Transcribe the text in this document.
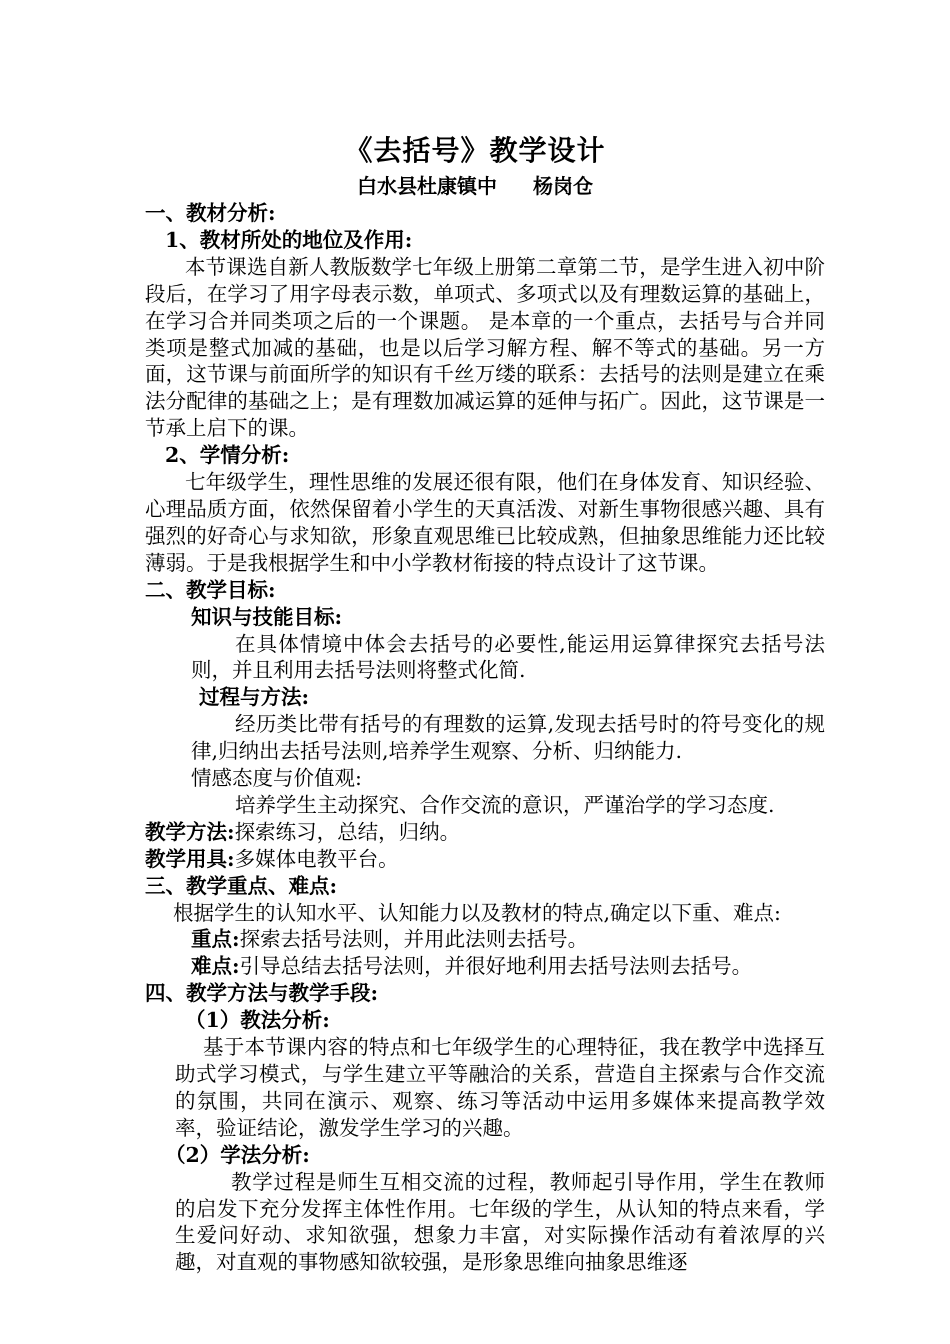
《去括号》教学设计
白水县杜康镇中 杨岗仓

一、教材分析:

1、教材所处的地位及作用:

本节课选自新人教版数学七年级上册第二章第二节，是学生进入初中阶段后，在学习了用字母表示数，单项式、多项式以及有理数运算的基础上，在学习合并同类项之后的一个课题。 是本章的一个重点，去括号与合并同类项是整式加减的基础，也是以后学习解方程、解不等式的基础。另一方面，这节课与前面所学的知识有千丝万缕的联系：去括号的法则是建立在乘法分配律的基础之上；是有理数加减运算的延伸与拓广。因此，这节课是一节承上启下的课。

2、学情分析:

七年级学生，理性思维的发展还很有限，他们在身体发育、知识经验、心理品质方面，依然保留着小学生的天真活泼、对新生事物很感兴趣、具有强烈的好奇心与求知欲，形象直观思维已比较成熟，但抽象思维能力还比较薄弱。于是我根据学生和中小学教材衔接的特点设计了这节课。

二、教学目标:

知识与技能目标:

在具体情境中体会去括号的必要性,能运用运算律探究去括号法则，并且利用去括号法则将整式化简.

过程与方法:

经历类比带有括号的有理数的运算,发现去括号时的符号变化的规律,归纳出去括号法则,培养学生观察、分析、归纳能力.

情感态度与价值观:

培养学生主动探究、合作交流的意识，严谨治学的学习态度.

教学方法:探索练习，总结，归纳。

教学用具:多媒体电教平台。

三、教学重点、难点:

根据学生的认知水平、认知能力以及教材的特点,确定以下重、难点:

重点:探索去括号法则，并用此法则去括号。

难点:引导总结去括号法则，并很好地利用去括号法则去括号。

四、教学方法与教学手段:

（1）教法分析:

基于本节课内容的特点和七年级学生的心理特征，我在教学中选择互助式学习模式，与学生建立平等融洽的关系，营造自主探索与合作交流的氛围，共同在演示、观察、练习等活动中运用多媒体来提高教学效率，验证结论，激发学生学习的兴趣。

（2）学法分析:

教学过程是师生互相交流的过程，教师起引导作用，学生在教师的启发下充分发挥主体性作用。七年级的学生，从认知的特点来看，学生爱问好动、求知欲强，想象力丰富，对实际操作活动有着浓厚的兴趣，对直观的事物感知欲较强，是形象思维向抽象思维逐
